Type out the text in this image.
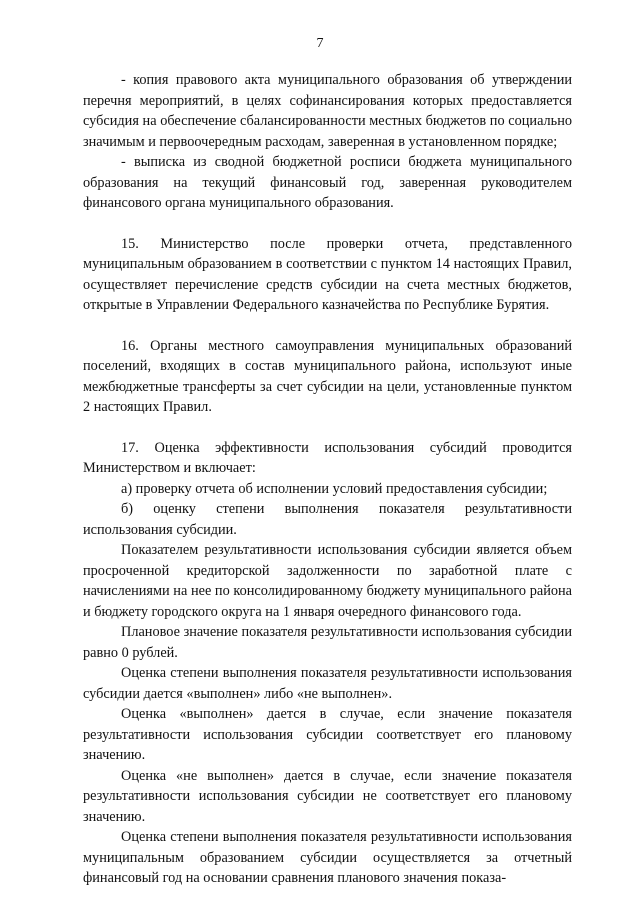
7

- копия правового акта муниципального образования об утверждении перечня мероприятий, в целях софинансирования которых предоставляется субсидия на обеспечение сбалансированности местных бюджетов по социально значимым и первоочередным расходам, заверенная в установленном порядке;

- выписка из сводной бюджетной росписи бюджета муниципального образования на текущий финансовый год, заверенная руководителем финансового органа муниципального образования.

15. Министерство после проверки отчета, представленного муниципальным образованием в соответствии с пунктом 14 настоящих Правил, осуществляет перечисление средств субсидии на счета местных бюджетов, открытые в Управлении Федерального казначейства по Республике Бурятия.

16. Органы местного самоуправления муниципальных образований поселений, входящих в состав муниципального района, используют иные межбюджетные трансферты за счет субсидии на цели, установленные пунктом 2 настоящих Правил.

17. Оценка эффективности использования субсидий проводится Министерством и включает:

а) проверку отчета об исполнении условий предоставления субсидии;

б) оценку степени выполнения показателя результативности использования субсидии.

Показателем результативности использования субсидии является объем просроченной кредиторской задолженности по заработной плате с начислениями на нее по консолидированному бюджету муниципального района и бюджету городского округа на 1 января очередного финансового года.

Плановое значение показателя результативности использования субсидии равно 0 рублей.

Оценка степени выполнения показателя результативности использования субсидии дается «выполнен» либо «не выполнен».

Оценка «выполнен» дается в случае, если значение показателя результативности использования субсидии соответствует его плановому значению.

Оценка «не выполнен» дается в случае, если значение показателя результативности использования субсидии не соответствует его плановому значению.

Оценка степени выполнения показателя результативности использования муниципальным образованием субсидии осуществляется за отчетный финансовый год на основании сравнения планового значения показа-
